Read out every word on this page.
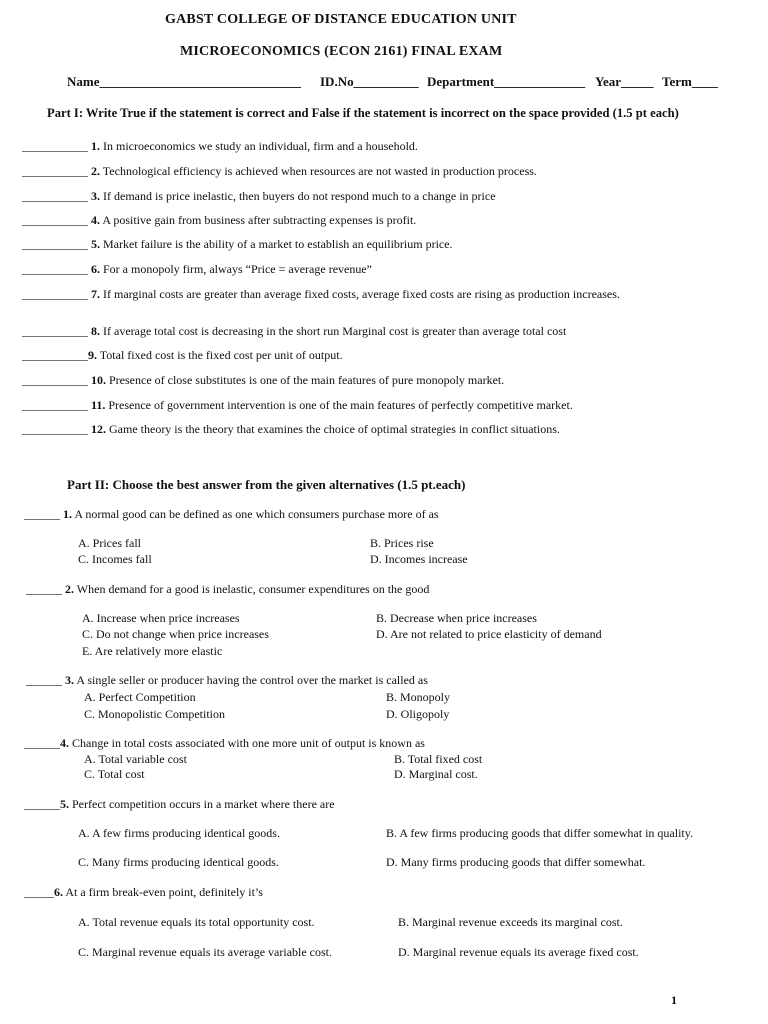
GABST COLLEGE OF DISTANCE EDUCATION UNIT
MICROECONOMICS (ECON 2161) FINAL EXAM
Name_______________________________ ID.No__________ Department______________ Year_____ Term____
Part I: Write True if the statement is correct and False if the statement is incorrect on the space provided (1.5 pt each)
___________ 1. In microeconomics we study an individual, firm and a household.
___________ 2. Technological efficiency is achieved when resources are not wasted in production process.
___________ 3. If demand is price inelastic, then buyers do not respond much to a change in price
___________ 4. A positive gain from business after subtracting expenses is profit.
___________ 5. Market failure is the ability of a market to establish an equilibrium price.
___________ 6. For a monopoly firm, always “Price = average revenue”
___________ 7. If marginal costs are greater than average fixed costs, average fixed costs are rising as production increases.
___________ 8. If average total cost is decreasing in the short run Marginal cost is greater than average total cost
___________9. Total fixed cost is the fixed cost per unit of output.
___________ 10. Presence of close substitutes is one of the main features of pure monopoly market.
___________ 11. Presence of government intervention is one of the main features of perfectly competitive market.
___________ 12. Game theory is the theory that examines the choice of optimal strategies in conflict situations.
Part II: Choose the best answer from the given alternatives (1.5 pt.each)
______ 1. A normal good can be defined as one which consumers purchase more of as
A. Prices fall	B. Prices rise
C. Incomes fall	D. Incomes increase
______ 2. When demand for a good is inelastic, consumer expenditures on the good
A. Increase when price increases	B. Decrease when price increases
C. Do not change when price increases	D. Are not related to price elasticity of demand
E. Are relatively more elastic
______ 3. A single seller or producer having the control over the market is called as
A. Perfect Competition	B. Monopoly
C. Monopolistic Competition	D. Oligopoly
______4. Change in total costs associated with one more unit of output is known as
A. Total variable cost	B. Total fixed cost
C. Total cost	D. Marginal cost.
______5. Perfect competition occurs in a market where there are
A. A few firms producing identical goods.	B. A few firms producing goods that differ somewhat in quality.
C. Many firms producing identical goods.	D. Many firms producing goods that differ somewhat.
_____6. At a firm break-even point, definitely it’s
A. Total revenue equals its total opportunity cost.	B. Marginal revenue exceeds its marginal cost.
C. Marginal revenue equals its average variable cost.	D. Marginal revenue equals its average fixed cost.
1
